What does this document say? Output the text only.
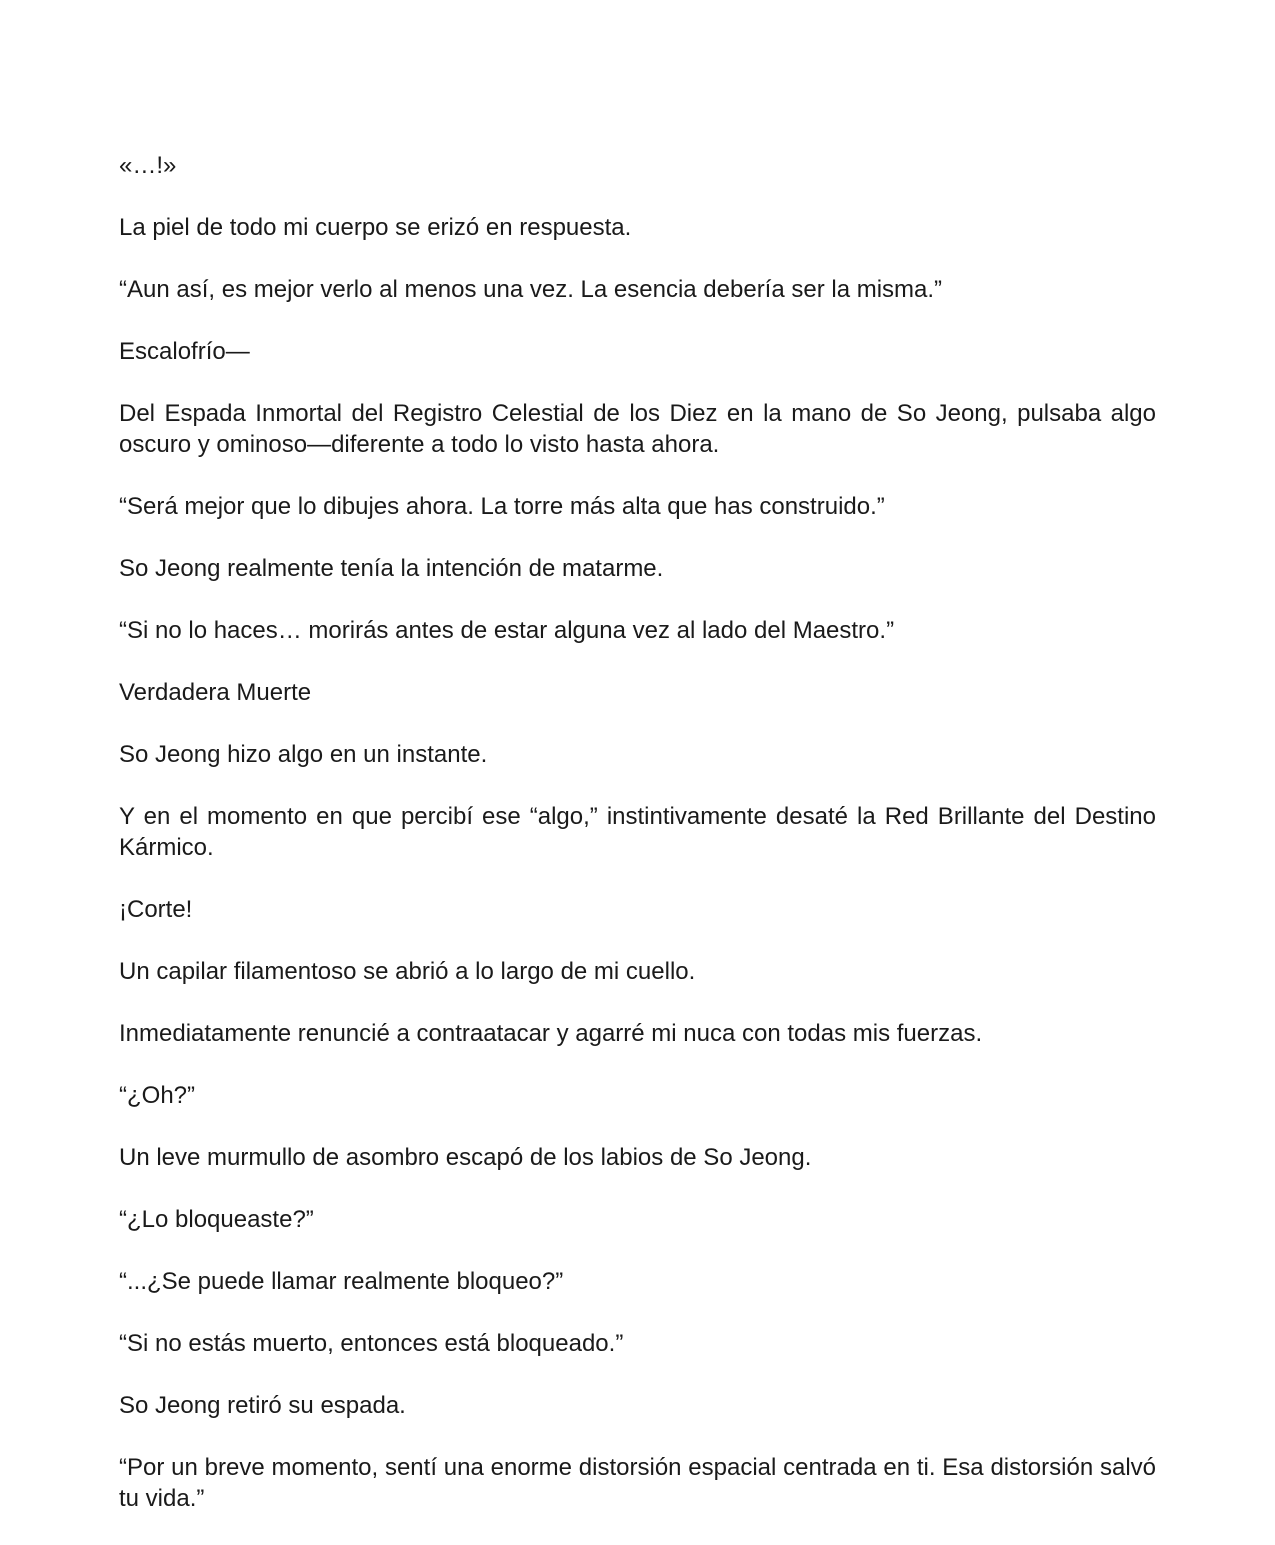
«…!»

La piel de todo mi cuerpo se erizó en respuesta.

“Aun así, es mejor verlo al menos una vez. La esencia debería ser la misma.”

Escalofrío—

Del Espada Inmortal del Registro Celestial de los Diez en la mano de So Jeong, pulsaba algo oscuro y ominoso—diferente a todo lo visto hasta ahora.

“Será mejor que lo dibujes ahora. La torre más alta que has construido.”

So Jeong realmente tenía la intención de matarme.

“Si no lo haces… morirás antes de estar alguna vez al lado del Maestro.”

Verdadera Muerte

So Jeong hizo algo en un instante.

Y en el momento en que percibí ese “algo,” instintivamente desaté la Red Brillante del Destino Kármico.

¡Corte!

Un capilar filamentoso se abrió a lo largo de mi cuello.

Inmediatamente renuncié a contraatacar y agarré mi nuca con todas mis fuerzas.

“¿Oh?”

Un leve murmullo de asombro escapó de los labios de So Jeong.

“¿Lo bloqueaste?”

“...¿Se puede llamar realmente bloqueo?”

“Si no estás muerto, entonces está bloqueado.”

So Jeong retiró su espada.

“Por un breve momento, sentí una enorme distorsión espacial centrada en ti. Esa distorsión salvó tu vida.”
